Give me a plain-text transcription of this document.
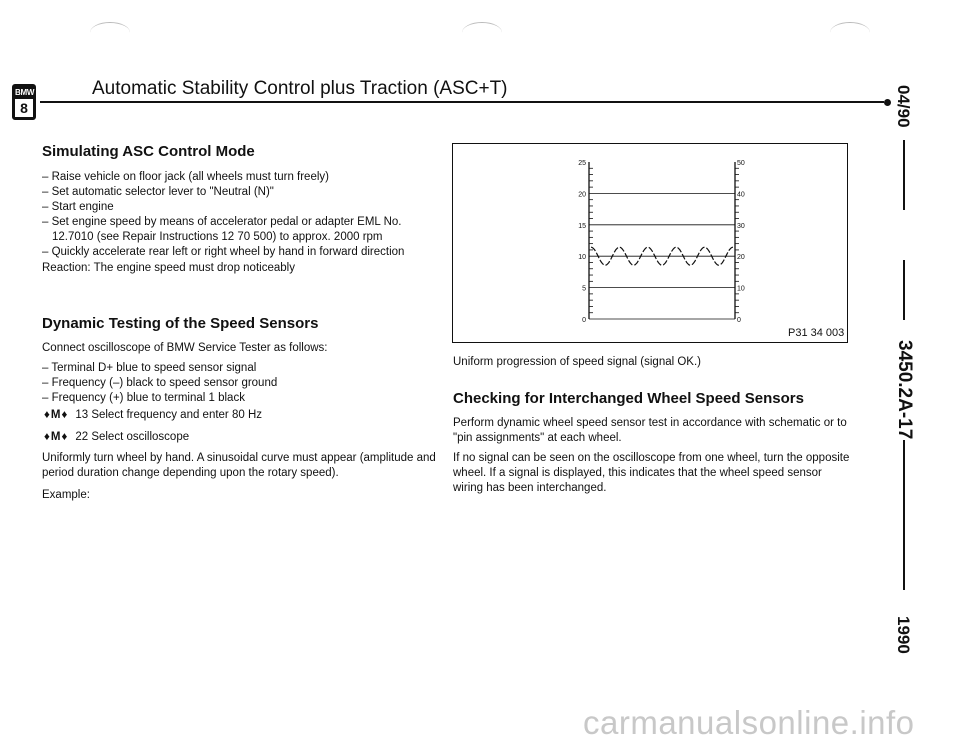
BMW
8
Automatic Stability Control plus Traction (ASC+T)
Simulating ASC Control Mode
– Raise vehicle on floor jack (all wheels must turn freely)
– Set automatic selector lever to "Neutral (N)"
– Start engine
– Set engine speed by means of accelerator pedal or adapter EML No. 12.7010 (see Repair Instructions 12 70 500) to approx. 2000 rpm
– Quickly accelerate rear left or right wheel by hand in forward direction
Reaction: The engine speed must drop noticeably
Dynamic Testing of the Speed Sensors
Connect oscilloscope of BMW Service Tester as follows:
– Terminal D+ blue to speed sensor signal
– Frequency (–) black to speed sensor ground
– Frequency (+) blue to terminal 1 black
♦M♦ 13 Select frequency and enter 80 Hz
♦M♦ 22 Select oscilloscope
Uniformly turn wheel by hand. A sinusoidal curve must appear (amplitude and period duration change depending upon the rotary speed).
Example:
25	50
20	40
15	30
10	20
5	10
0	0
P31 34 003
Uniform progression of speed signal (signal OK.)
Checking for Interchanged Wheel Speed Sensors
Perform dynamic wheel speed sensor test in accordance with schematic or to "pin assignments" at each wheel.
If no signal can be seen on the oscilloscope from one wheel, turn the opposite wheel. If a signal is displayed, this indicates that the wheel speed sensor wiring has been interchanged.
04/90
3450.2A-17
1990
carmanualsonline.info
